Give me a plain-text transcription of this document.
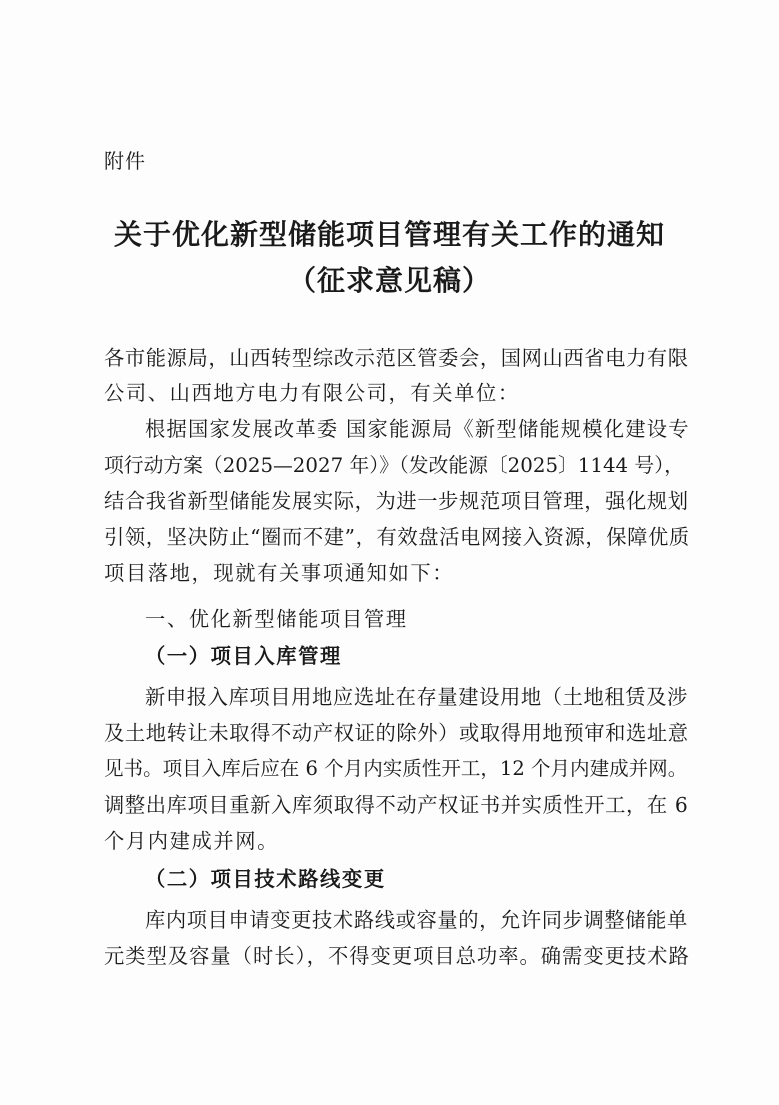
附件
关于优化新型储能项目管理有关工作的通知
（征求意见稿）
各市能源局，山西转型综改示范区管委会，国网山西省电力有限
公司、山西地方电力有限公司，有关单位：
根据国家发展改革委 国家能源局《新型储能规模化建设专
项行动方案（2025—2027 年）》（发改能源〔2025〕1144 号），
结合我省新型储能发展实际，为进一步规范项目管理，强化规划
引领，坚决防止“圈而不建”，有效盘活电网接入资源，保障优质
项目落地，现就有关事项通知如下：
一、优化新型储能项目管理
（一）项目入库管理
新申报入库项目用地应选址在存量建设用地（土地租赁及涉
及土地转让未取得不动产权证的除外）或取得用地预审和选址意
见书。项目入库后应在 6 个月内实质性开工，12 个月内建成并网。
调整出库项目重新入库须取得不动产权证书并实质性开工，在 6
个月内建成并网。
（二）项目技术路线变更
库内项目申请变更技术路线或容量的，允许同步调整储能单
元类型及容量（时长），不得变更项目总功率。确需变更技术路
